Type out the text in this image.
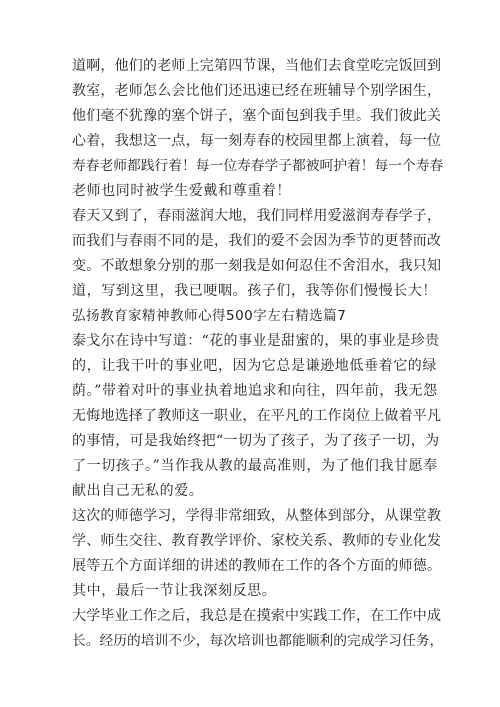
道啊，他们的老师上完第四节课，当他们去食堂吃完饭回到
教室，老师怎么会比他们还迅速已经在班辅导个别学困生，
他们毫不犹豫的塞个饼子，塞个面包到我手里。我们彼此关
心着，我想这一点，每一刻寿春的校园里都上演着，每一位
寿春老师都践行着！每一位寿春学子都被呵护着！每一个寿春
老师也同时被学生爱戴和尊重着！
春天又到了，春雨滋润大地，我们同样用爱滋润寿春学子，
而我们与春雨不同的是，我们的爱不会因为季节的更替而改
变。不敢想象分别的那一刻我是如何忍住不舍泪水，我只知
道，写到这里，我已哽咽。孩子们，我等你们慢慢长大！
弘扬教育家精神教师心得500字左右精选篇7
泰戈尔在诗中写道：“花的事业是甜蜜的，果的事业是珍贵
的，让我干叶的事业吧，因为它总是谦逊地低垂着它的绿
荫。”带着对叶的事业执着地追求和向往，四年前，我无怨
无悔地选择了教师这一职业，在平凡的工作岗位上做着平凡
的事情，可是我始终把“一切为了孩子，为了孩子一切，为
了一切孩子。”当作我从教的最高准则，为了他们我甘愿奉
献出自己无私的爱。
这次的师德学习，学得非常细致，从整体到部分，从课堂教
学、师生交往、教育教学评价、家校关系、教师的专业化发
展等五个方面详细的讲述的教师在工作的各个方面的师德。
其中，最后一节让我深刻反思。
大学毕业工作之后，我总是在摸索中实践工作，在工作中成
长。经历的培训不少，每次培训也都能顺利的完成学习任务，
